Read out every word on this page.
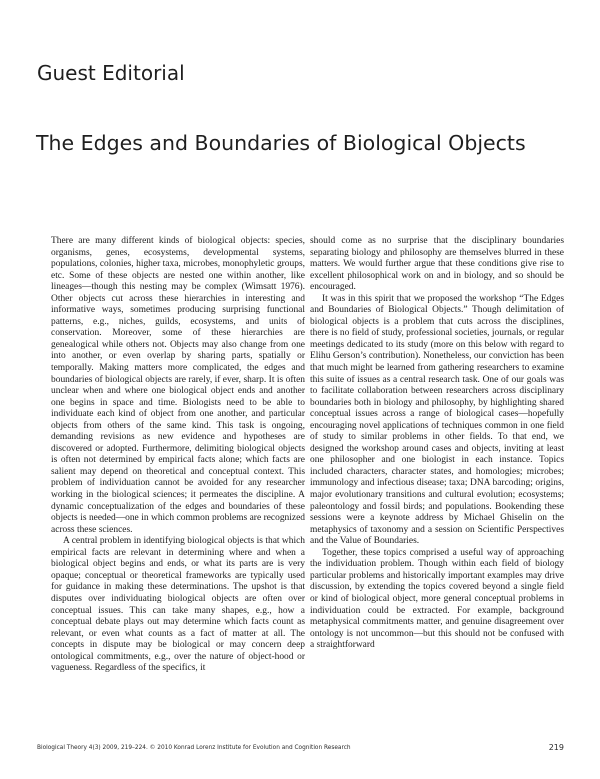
Guest Editorial
The Edges and Boundaries of Biological Objects

There are many different kinds of biological objects: species, organisms, genes, ecosystems, developmental systems, populations, colonies, higher taxa, microbes, monophyletic groups, etc. Some of these objects are nested one within another, like lineages—though this nesting may be complex (Wimsatt 1976). Other objects cut across these hierarchies in interesting and informative ways, sometimes producing surprising functional patterns, e.g., niches, guilds, ecosystems, and units of conservation. Moreover, some of these hierarchies are genealogical while others not. Objects may also change from one into another, or even overlap by sharing parts, spatially or temporally. Making matters more complicated, the edges and boundaries of biological objects are rarely, if ever, sharp. It is often unclear when and where one biological object ends and another one begins in space and time. Biologists need to be able to individuate each kind of object from one another, and particular objects from others of the same kind. This task is ongoing, demanding revisions as new evidence and hypotheses are discovered or adopted. Furthermore, delimiting biological objects is often not determined by empirical facts alone; which facts are salient may depend on theoretical and conceptual context. This problem of individuation cannot be avoided for any researcher working in the biological sciences; it permeates the discipline. A dynamic conceptualization of the edges and boundaries of these objects is needed—one in which common problems are recognized across these sciences.

A central problem in identifying biological objects is that which empirical facts are relevant in determining where and when a biological object begins and ends, or what its parts are is very opaque; conceptual or theoretical frameworks are typically used for guidance in making these determinations. The upshot is that disputes over individuating biological objects are often over conceptual issues. This can take many shapes, e.g., how a conceptual debate plays out may determine which facts count as relevant, or even what counts as a fact of matter at all. The concepts in dispute may be biological or may concern deep ontological commitments, e.g., over the nature of object-hood or vagueness. Regardless of the specifics, it

should come as no surprise that the disciplinary boundaries separating biology and philosophy are themselves blurred in these matters. We would further argue that these conditions give rise to excellent philosophical work on and in biology, and so should be encouraged.

It was in this spirit that we proposed the workshop “The Edges and Boundaries of Biological Objects.” Though delimitation of biological objects is a problem that cuts across the disciplines, there is no field of study, professional societies, journals, or regular meetings dedicated to its study (more on this below with regard to Elihu Gerson’s contribution). Nonetheless, our conviction has been that much might be learned from gathering researchers to examine this suite of issues as a central research task. One of our goals was to facilitate collaboration between researchers across disciplinary boundaries both in biology and philosophy, by highlighting shared conceptual issues across a range of biological cases—hopefully encouraging novel applications of techniques common in one field of study to similar problems in other fields. To that end, we designed the workshop around cases and objects, inviting at least one philosopher and one biologist in each instance. Topics included characters, character states, and homologies; microbes; immunology and infectious disease; taxa; DNA barcoding; origins, major evolutionary transitions and cultural evolution; ecosystems; paleontology and fossil birds; and populations. Bookending these sessions were a keynote address by Michael Ghiselin on the metaphysics of taxonomy and a session on Scientific Perspectives and the Value of Boundaries.

Together, these topics comprised a useful way of approaching the individuation problem. Though within each field of biology particular problems and historically important examples may drive discussion, by extending the topics covered beyond a single field or kind of biological object, more general conceptual problems in individuation could be extracted. For example, background metaphysical commitments matter, and genuine disagreement over ontology is not uncommon—but this should not be confused with a straightforward

Biological Theory 4(3) 2009, 219–224. © 2010 Konrad Lorenz Institute for Evolution and Cognition Research	219
